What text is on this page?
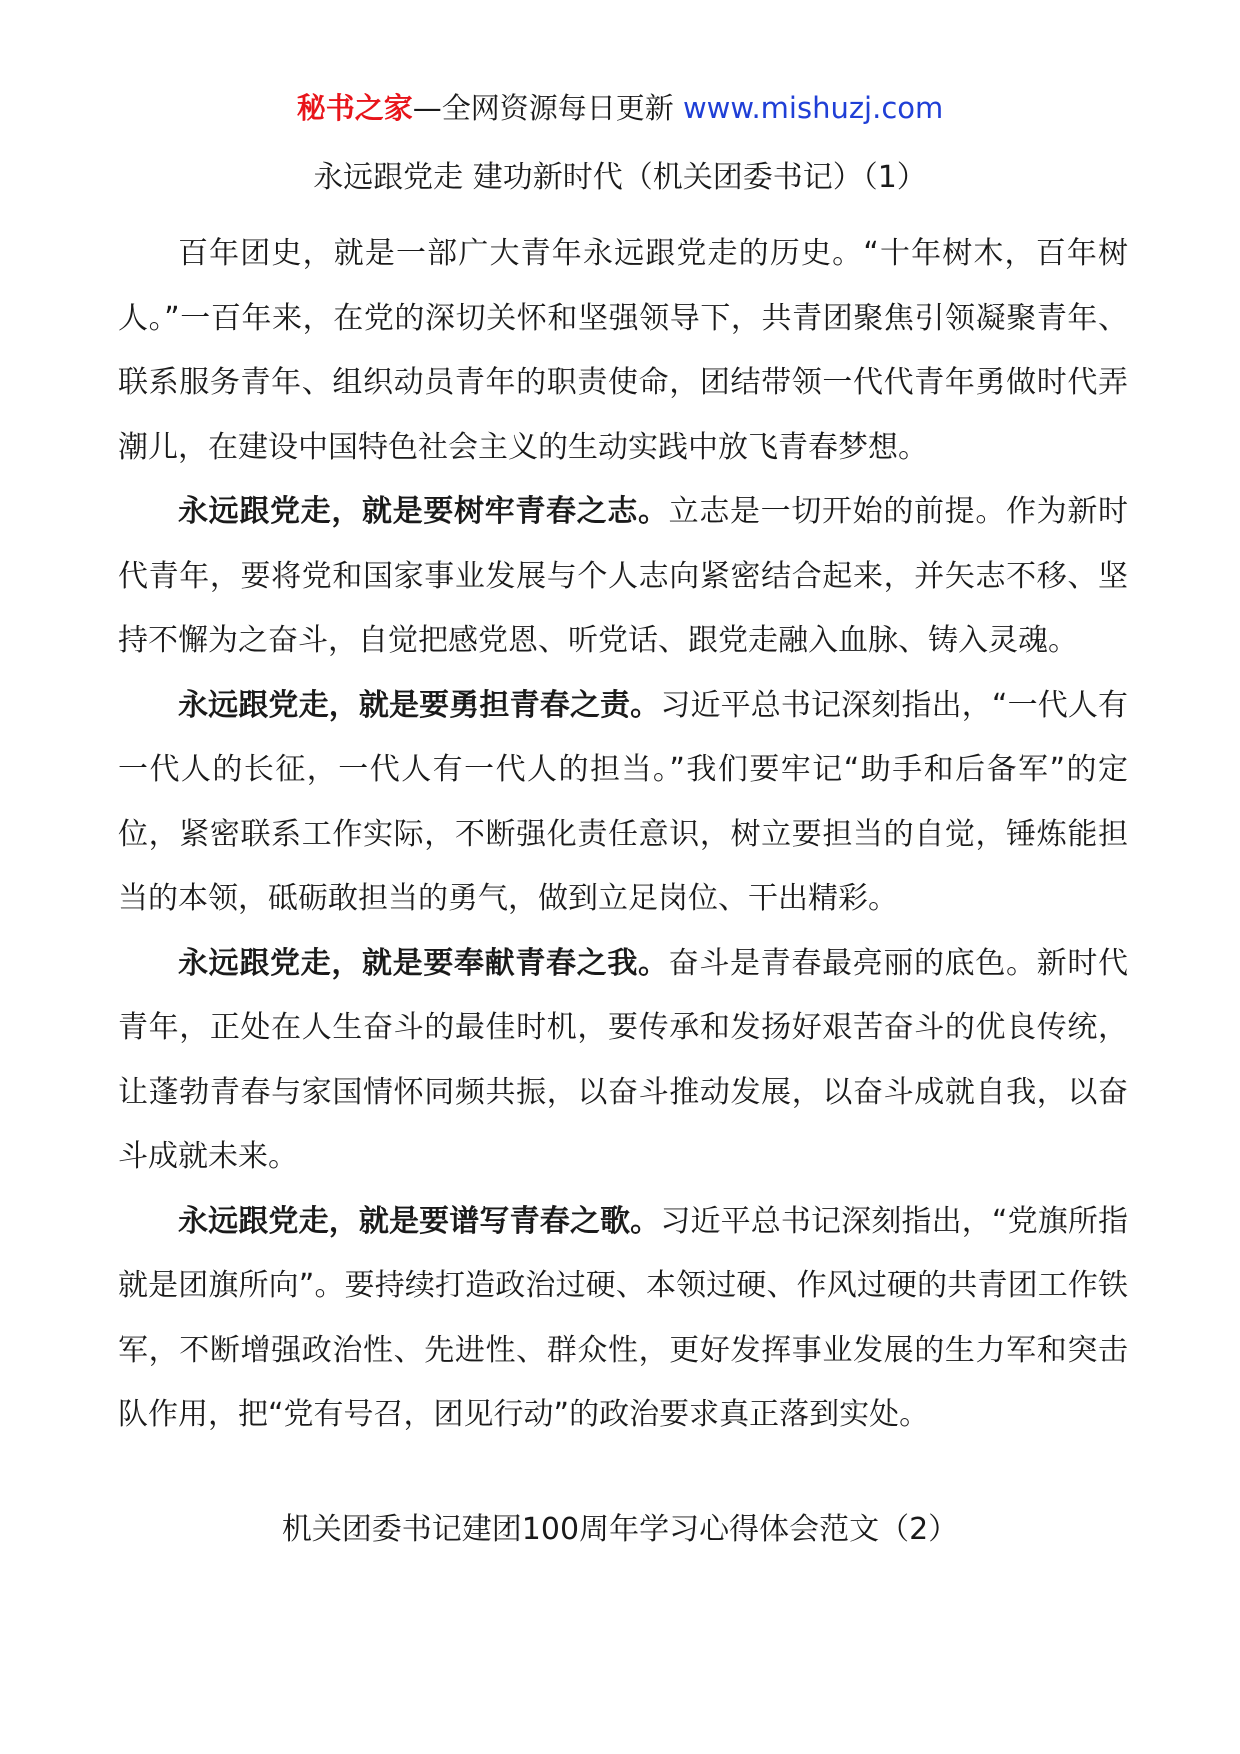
秘书之家—全网资源每日更新 www.mishuzj.com
永远跟党走 建功新时代（机关团委书记）（1）

百年团史，就是一部广大青年永远跟党走的历史。“十年树木，百年树人。”一百年来，在党的深切关怀和坚强领导下，共青团聚焦引领凝聚青年、联系服务青年、组织动员青年的职责使命，团结带领一代代青年勇做时代弄潮儿，在建设中国特色社会主义的生动实践中放飞青春梦想。

永远跟党走，就是要树牢青春之志。立志是一切开始的前提。作为新时代青年，要将党和国家事业发展与个人志向紧密结合起来，并矢志不移、坚持不懈为之奋斗，自觉把感党恩、听党话、跟党走融入血脉、铸入灵魂。

永远跟党走，就是要勇担青春之责。习近平总书记深刻指出，“一代人有一代人的长征，一代人有一代人的担当。”我们要牢记“助手和后备军”的定位，紧密联系工作实际，不断强化责任意识，树立要担当的自觉，锤炼能担当的本领，砥砺敢担当的勇气，做到立足岗位、干出精彩。

永远跟党走，就是要奉献青春之我。奋斗是青春最亮丽的底色。新时代青年，正处在人生奋斗的最佳时机，要传承和发扬好艰苦奋斗的优良传统，让蓬勃青春与家国情怀同频共振，以奋斗推动发展，以奋斗成就自我，以奋斗成就未来。

永远跟党走，就是要谱写青春之歌。习近平总书记深刻指出，“党旗所指就是团旗所向”。要持续打造政治过硬、本领过硬、作风过硬的共青团工作铁军，不断增强政治性、先进性、群众性，更好发挥事业发展的生力军和突击队作用，把“党有号召，团见行动”的政治要求真正落到实处。

机关团委书记建团100周年学习心得体会范文（2）
